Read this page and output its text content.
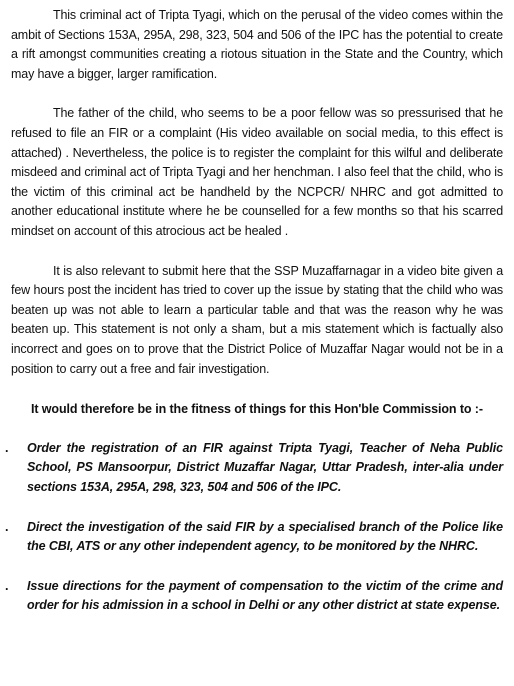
This criminal act of Tripta Tyagi, which on the perusal of the video comes within the ambit of Sections 153A, 295A, 298, 323, 504 and 506 of the IPC has the potential to create a rift amongst communities creating a riotous situation in the State and the Country, which may have a bigger, larger ramification.

The father of the child, who seems to be a poor fellow was so pressurised that he refused to file an FIR or a complaint (His video available on social media, to this effect is attached) . Nevertheless, the police is to register the complaint for this wilful and deliberate misdeed and criminal act of Tripta Tyagi and her henchman. I also feel that the child, who is the victim of this criminal act be handheld by the NCPCR/ NHRC and got admitted to another educational institute where he be counselled for a few months so that his scarred mindset on account of this atrocious act be healed .

It is also relevant to submit here that the SSP Muzaffarnagar in a video bite given a few hours post the incident has tried to cover up the issue by stating that the child who was beaten up was not able to learn a particular table and that was the reason why he was beaten up. This statement is not only a sham, but a mis statement which is factually also incorrect and goes on to prove that the District Police of Muzaffar Nagar would not be in a position to carry out a free and fair investigation.

It would therefore be in the fitness of things for this Hon'ble Commission to :-

. Order the registration of an FIR against Tripta Tyagi, Teacher of Neha Public School, PS Mansoorpur, District Muzaffar Nagar, Uttar Pradesh, inter-alia under sections 153A, 295A, 298, 323, 504 and 506 of the IPC.
. Direct the investigation of the said FIR by a specialised branch of the Police like the CBI, ATS or any other independent agency, to be monitored by the NHRC.
. Issue directions for the payment of compensation to the victim of the crime and order for his admission in a school in Delhi or any other district at state expense.
